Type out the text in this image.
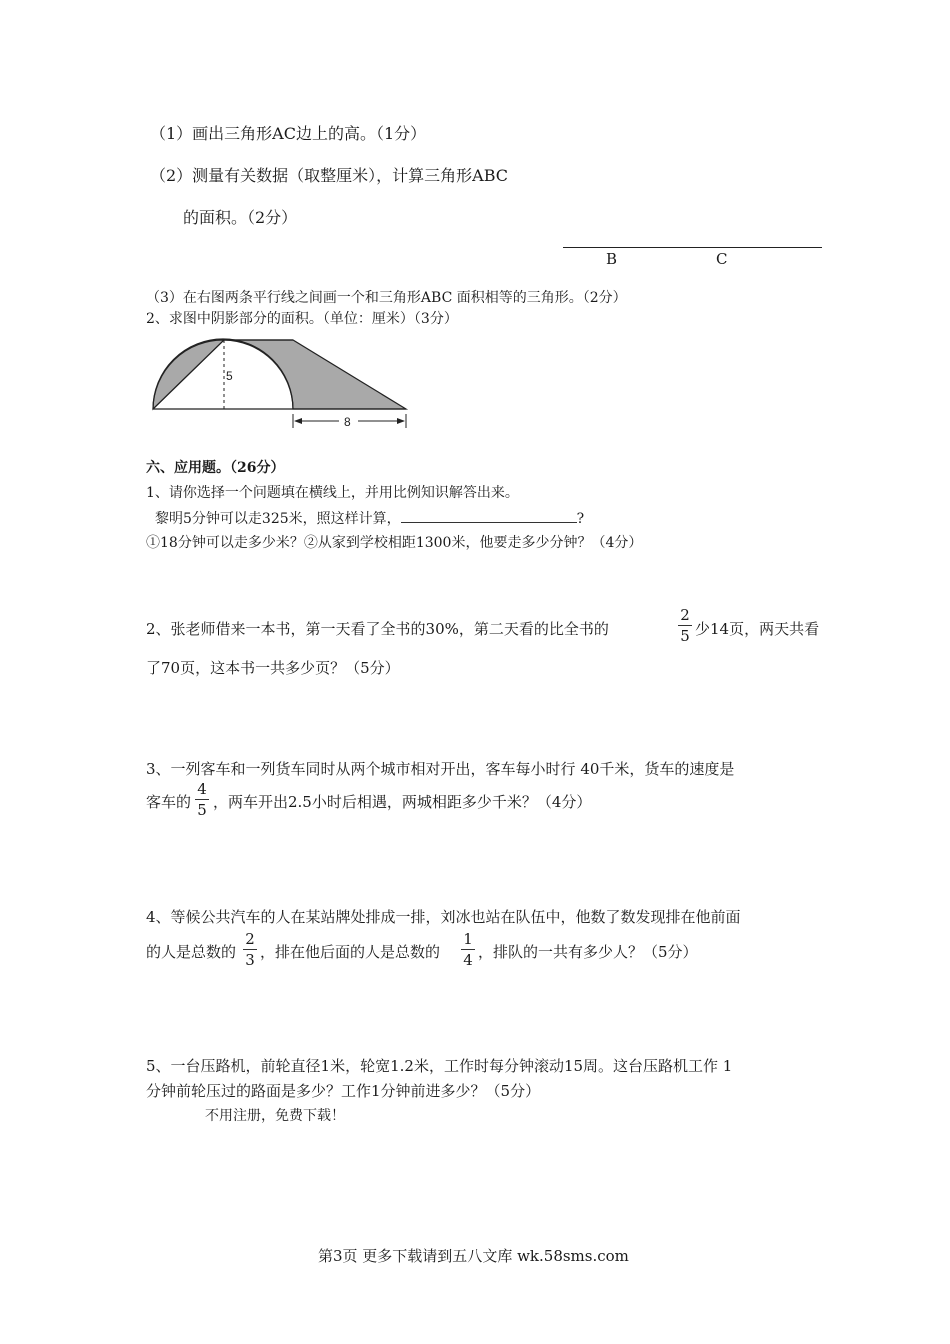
（1）画出三角形AC边上的高。（1分）
（2）测量有关数据（取整厘米），计算三角形ABC
的面积。（2分）
B	C
（3）在右图两条平行线之间画一个和三角形ABC 面积相等的三角形。（2分）
2、求图中阴影部分的面积。（单位：厘米）（3分）
5
8
六、应用题。（26分）
1、请你选择一个问题填在横线上，并用比例知识解答出来。
黎明5分钟可以走325米，照这样计算，	?
①18分钟可以走多少米？②从家到学校相距1300米，他要走多少分钟？（4分）
2、张老师借来一本书，第一天看了全书的30%，第二天看的比全书的
2
5 少14页，两天共看
了70页，这本书一共多少页？（5分）
3、一列客车和一列货车同时从两个城市相对开出，客车每小时行 40千米，货车的速度是
客车的
4
5 ，两车开出2.5小时后相遇，两城相距多少千米？（4分）
4、等候公共汽车的人在某站牌处排成一排，刘冰也站在队伍中，他数了数发现排在他前面
的人是总数的
2
3 ，排在他后面的人是总数的
1
4 ，排队的一共有多少人？（5分）
5、一台压路机，前轮直径1米，轮宽1.2米，工作时每分钟滚动15周。这台压路机工作 1
分钟前轮压过的路面是多少？工作1分钟前进多少？（5分）
不用注册，免费下载！
第3页 更多下载请到五八文库 wk.58sms.com
